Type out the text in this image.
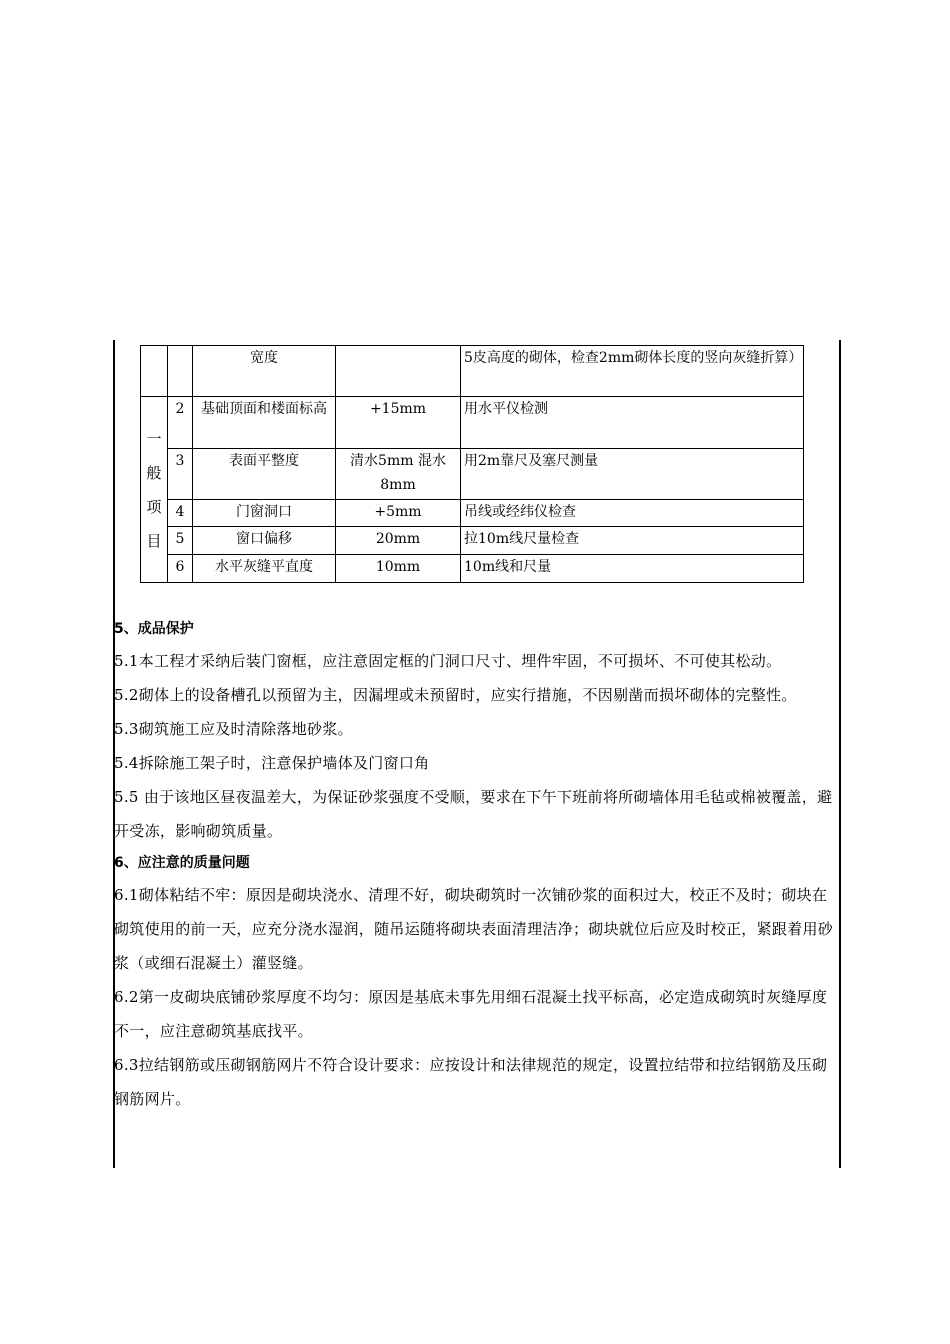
		宽度		5皮高度的砌体，检查2mm砌体长度的竖向灰缝折算）
一
般
项
目	2	基础顶面和楼面标高	+15mm	用水平仪检测
	3	表面平整度	清水5mm 混水8mm	用2m靠尺及塞尺测量
	4	门窗洞口	+5mm	吊线或经纬仪检查
	5	窗口偏移	20mm	拉10m线尺量检查
	6	水平灰缝平直度	10mm	10m线和尺量
5、成品保护
5.1本工程才采纳后装门窗框，应注意固定框的门洞口尺寸、埋件牢固，不可损坏、不可使其松动。
5.2砌体上的设备槽孔以预留为主，因漏埋或未预留时，应实行措施，不因剔凿而损坏砌体的完整性。
5.3砌筑施工应及时清除落地砂浆。
5.4拆除施工架子时，注意保护墙体及门窗口角
5.5 由于该地区昼夜温差大，为保证砂浆强度不受顺，要求在下午下班前将所砌墙体用毛毡或棉被覆盖，避开受冻，影响砌筑质量。
6、应注意的质量问题
6.1砌体粘结不牢：原因是砌块浇水、清理不好，砌块砌筑时一次铺砂浆的面积过大，校正不及时；砌块在砌筑使用的前一天，应充分浇水湿润，随吊运随将砌块表面清理洁净；砌块就位后应及时校正，紧跟着用砂浆（或细石混凝土）灌竖缝。
6.2第一皮砌块底铺砂浆厚度不均匀：原因是基底未事先用细石混凝土找平标高，必定造成砌筑时灰缝厚度不一，应注意砌筑基底找平。
6.3拉结钢筋或压砌钢筋网片不符合设计要求：应按设计和法律规范的规定，设置拉结带和拉结钢筋及压砌钢筋网片。
